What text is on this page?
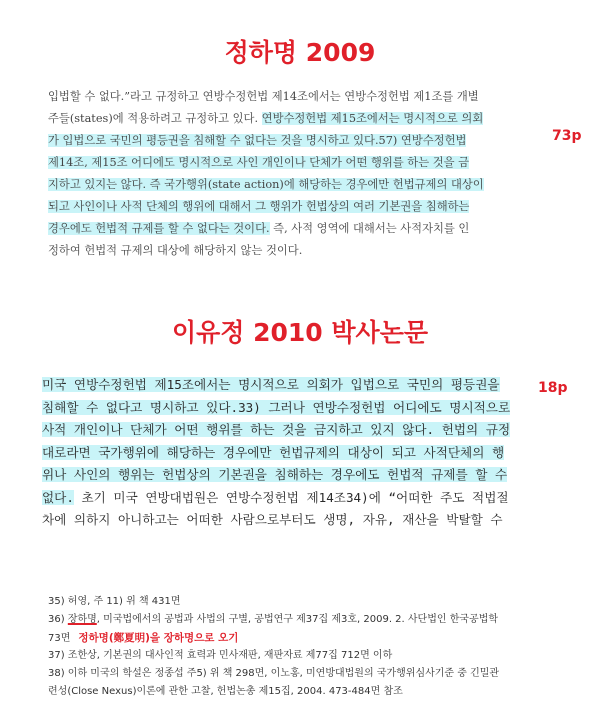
정하명 2009
73p
입법할 수 없다.”라고 규정하고 연방수정헌법 제14조에서는 연방수정헌법 제1조를 개별
주들(states)에 적용하려고 규정하고 있다. 연방수정헌법 제15조에서는 명시적으로 의회
가 입법으로 국민의 평등권을 침해할 수 없다는 것을 명시하고 있다.57) 연방수정헌법
제14조, 제15조 어디에도 명시적으로 사인 개인이나 단체가 어떤 행위를 하는 것을 금
지하고 있지는 않다. 즉 국가행위(state action)에 해당하는 경우에만 헌법규제의 대상이
되고 사인이나 사적 단체의 행위에 대해서 그 행위가 헌법상의 여러 기본권을 침해하는
경우에도 헌법적 규제를 할 수 없다는 것이다. 즉, 사적 영역에 대해서는 사적자치를 인
정하여 헌법적 규제의 대상에 해당하지 않는 것이다.
이유정 2010 박사논문
18p
미국 연방수정헌법 제15조에서는 명시적으로 의회가 입법으로 국민의 평등권을
침해할 수 없다고 명시하고 있다.33) 그러나 연방수정헌법 어디에도 명시적으로
사적 개인이나 단체가 어떤 행위를 하는 것을 금지하고 있지 않다. 헌법의 규정
대로라면 국가행위에 해당하는 경우에만 헌법규제의 대상이 되고 사적단체의 행
위나 사인의 행위는 헌법상의 기본권을 침해하는 경우에도 헌법적 규제를 할 수
없다. 초기 미국 연방대법원은 연방수정헌법 제14조34)에 “어떠한 주도 적법절
차에 의하지 아니하고는 어떠한 사람으로부터도 생명, 자유, 재산을 박탈할 수
35) 허영, 주 11) 위 책 431면
36) 장하명, 미국법에서의 공법과 사법의 구별, 공법연구 제37집 제3호, 2009. 2. 사단법인 한국공법학
73면 정하명(鄭夏明)을 장하명으로 오기
37) 조한상, 기본권의 대사인적 효력과 민사재판, 재판자료 제77집 712면 이하
38) 이하 미국의 학설은 정종섭 주5) 위 책 298면, 이노홍, 미연방대법원의 국가행위심사기준 중 긴밀관
련성(Close Nexus)이론에 관한 고찰, 헌법논총 제15집, 2004. 473-484면 참조
